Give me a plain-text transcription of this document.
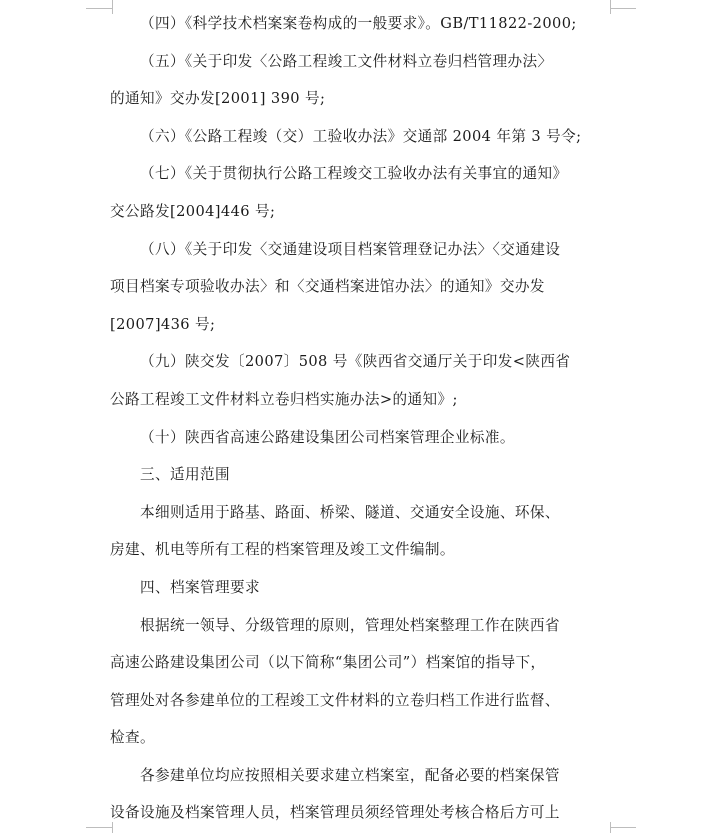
（四）《科学技术档案案卷构成的一般要求》。GB/T11822-2000;
（五）《关于印发〈公路工程竣工文件材料立卷归档管理办法〉
的通知》交办发[2001] 390 号;
（六）《公路工程竣（交）工验收办法》交通部 2004 年第 3 号令;
（七）《关于贯彻执行公路工程竣交工验收办法有关事宜的通知》
交公路发[2004]446 号;
（八）《关于印发〈交通建设项目档案管理登记办法〉〈交通建设
项目档案专项验收办法〉和〈交通档案进馆办法〉的通知》交办发
[2007]436 号;
（九）陕交发〔2007〕508 号《陕西省交通厅关于印发<陕西省
公路工程竣工文件材料立卷归档实施办法>的通知》;
（十）陕西省高速公路建设集团公司档案管理企业标准。
三、适用范围
本细则适用于路基、路面、桥梁、隧道、交通安全设施、环保、
房建、机电等所有工程的档案管理及竣工文件编制。
四、档案管理要求
根据统一领导、分级管理的原则，管理处档案整理工作在陕西省
高速公路建设集团公司（以下简称“集团公司”）档案馆的指导下，
管理处对各参建单位的工程竣工文件材料的立卷归档工作进行监督、
检查。
各参建单位均应按照相关要求建立档案室，配备必要的档案保管
设备设施及档案管理人员，档案管理员须经管理处考核合格后方可上
